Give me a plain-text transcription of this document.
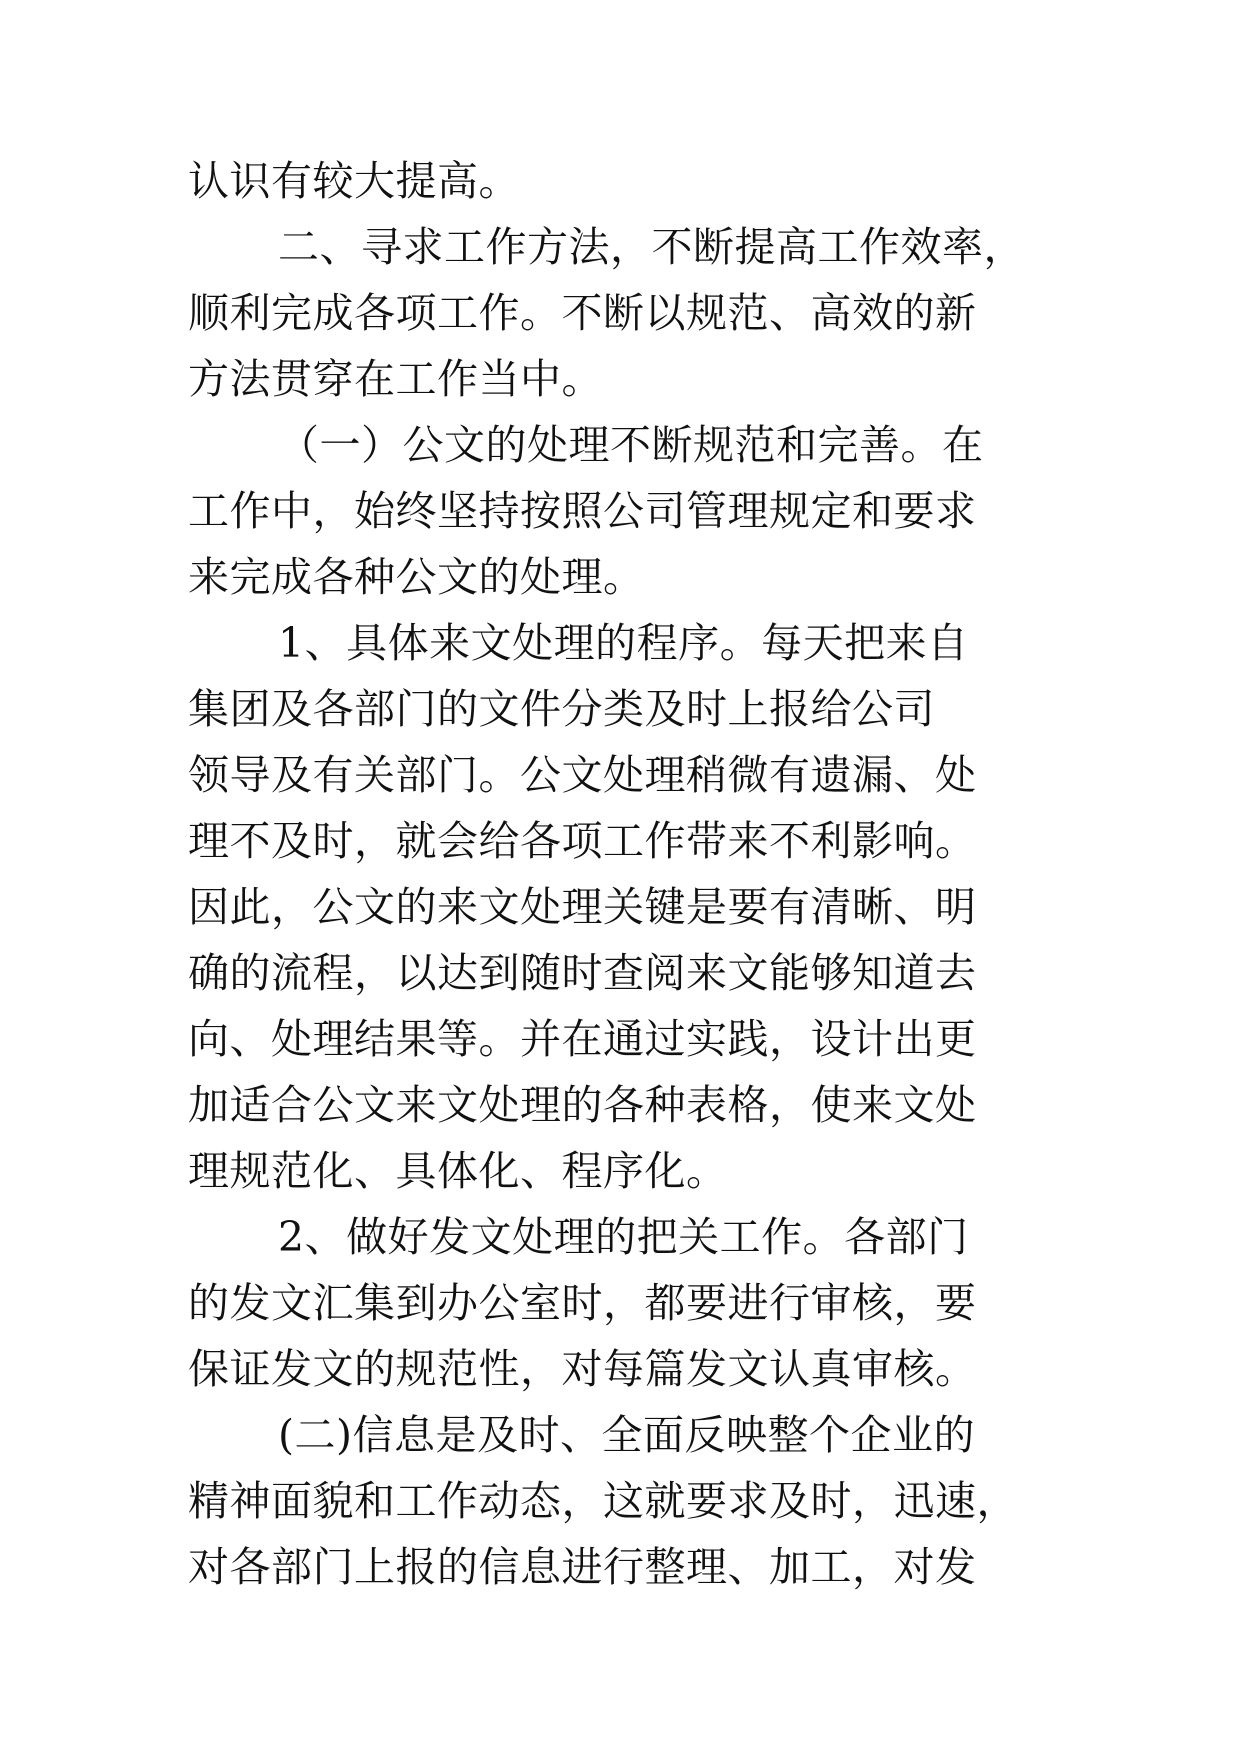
认识有较大提高。
二、寻求工作方法，不断提高工作效率，
顺利完成各项工作。不断以规范、高效的新
方法贯穿在工作当中。
（一）公文的处理不断规范和完善。在
工作中，始终坚持按照公司管理规定和要求
来完成各种公文的处理。
1、具体来文处理的程序。每天把来自
集团及各部门的文件分类及时上报给公司
领导及有关部门。公文处理稍微有遗漏、处
理不及时，就会给各项工作带来不利影响。
因此，公文的来文处理关键是要有清晰、明
确的流程，以达到随时查阅来文能够知道去
向、处理结果等。并在通过实践，设计出更
加适合公文来文处理的各种表格，使来文处
理规范化、具体化、程序化。
2、做好发文处理的把关工作。各部门
的发文汇集到办公室时，都要进行审核，要
保证发文的规范性，对每篇发文认真审核。
(二)信息是及时、全面反映整个企业的
精神面貌和工作动态，这就要求及时，迅速，
对各部门上报的信息进行整理、加工，对发
